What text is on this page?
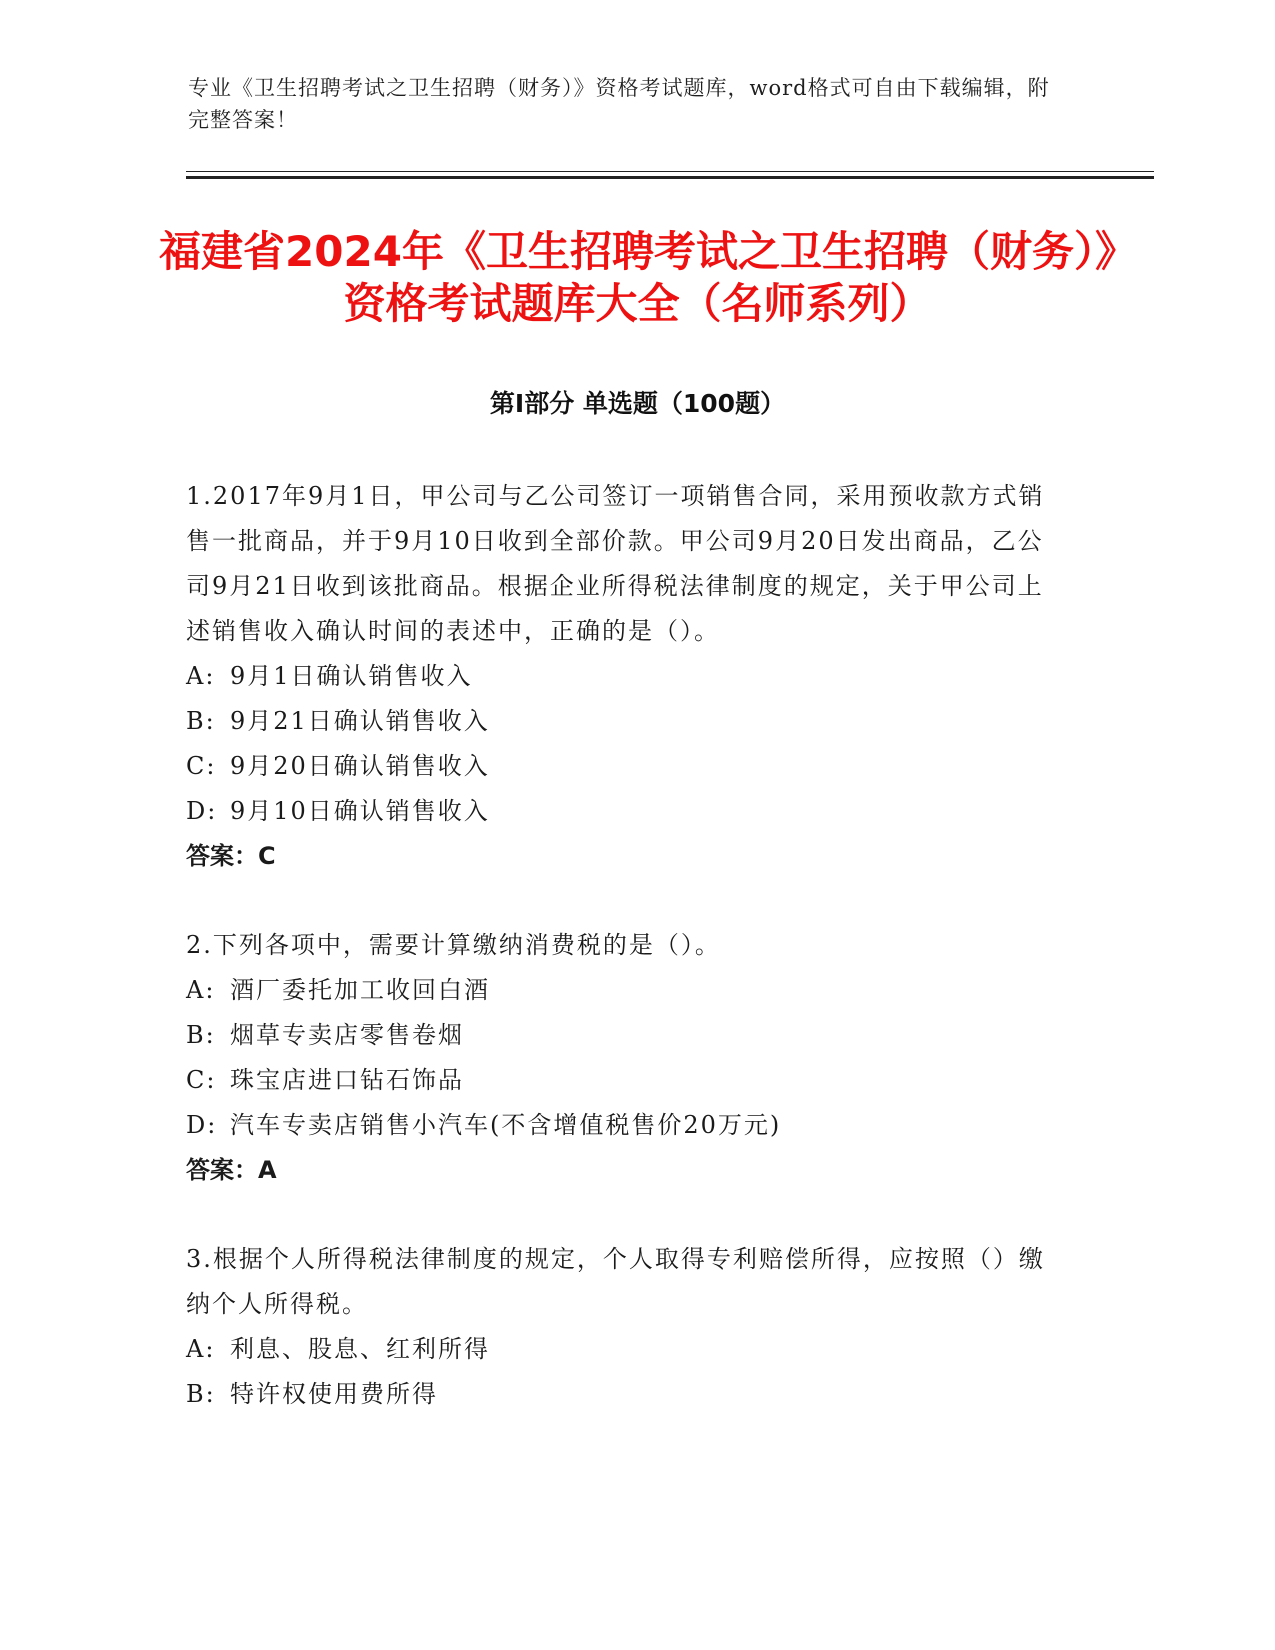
专业《卫生招聘考试之卫生招聘（财务）》资格考试题库，word格式可自由下载编辑，附完整答案！
福建省2024年《卫生招聘考试之卫生招聘（财务）》资格考试题库大全（名师系列）
第I部分 单选题（100题）

1.2017年9月1日，甲公司与乙公司签订一项销售合同，采用预收款方式销售一批商品，并于9月10日收到全部价款。甲公司9月20日发出商品，乙公司9月21日收到该批商品。根据企业所得税法律制度的规定，关于甲公司上述销售收入确认时间的表述中，正确的是（）。

A: 9月1日确认销售收入

B: 9月21日确认销售收入

C: 9月20日确认销售收入

D: 9月10日确认销售收入

答案：C

2.下列各项中，需要计算缴纳消费税的是（）。

A: 酒厂委托加工收回白酒

B: 烟草专卖店零售卷烟

C: 珠宝店进口钻石饰品

D: 汽车专卖店销售小汽车(不含增值税售价20万元)

答案：A

3.根据个人所得税法律制度的规定，个人取得专利赔偿所得，应按照（）缴纳个人所得税。

A: 利息、股息、红利所得

B: 特许权使用费所得
